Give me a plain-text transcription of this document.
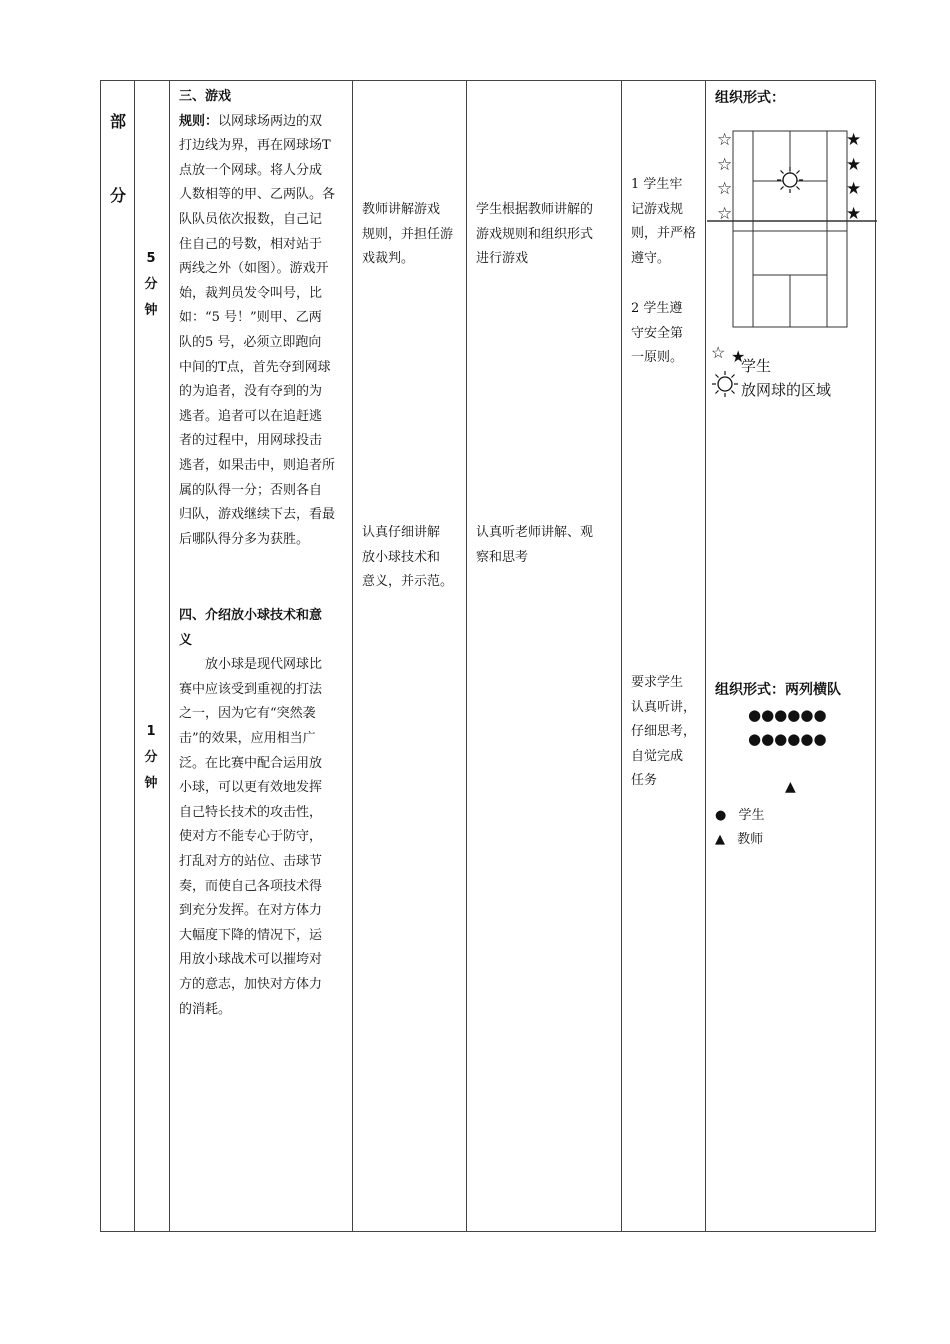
部
分
5
分
钟
1
分
钟
三、游戏
规则：以网球场两边的双
打边线为界，再在网球场T
点放一个网球。将人分成
人数相等的甲、乙两队。各
队队员依次报数，自己记
住自己的号数，相对站于
两线之外（如图）。游戏开
始，裁判员发令叫号，比
如：“5 号！”则甲、乙两
队的5 号，必须立即跑向
中间的T点，首先夺到网球
的为追者，没有夺到的为
逃者。追者可以在追赶逃
者的过程中，用网球投击
逃者，如果击中，则追者所
属的队得一分；否则各自
归队，游戏继续下去，看最
后哪队得分多为获胜。
四、介绍放小球技术和意
义
放小球是现代网球比
赛中应该受到重视的打法
之一，因为它有“突然袭
击”的效果，应用相当广
泛。在比赛中配合运用放
小球，可以更有效地发挥
自己特长技术的攻击性，
使对方不能专心于防守，
打乱对方的站位、击球节
奏，而使自己各项技术得
到充分发挥。在对方体力
大幅度下降的情况下，运
用放小球战术可以摧垮对
方的意志，加快对方体力
的消耗。
教师讲解游戏
规则，并担任游
戏裁判。
认真仔细讲解
放小球技术和
意义，并示范。
学生根据教师讲解的
游戏规则和组织形式
进行游戏
认真听老师讲解、观
察和思考
1 学生牢
记游戏规
则，并严格
遵守。
2 学生遵
守安全第
一原则。
要求学生
认真听讲，
仔细思考，
自觉完成
任务
组织形式：
☆
☆
☆
☆
★
★
★
★
☆ ★
学生
放网球的区域
组织形式：两列横队
●●●●●●
●●●●●●
▲
● 学生
▲ 教师
